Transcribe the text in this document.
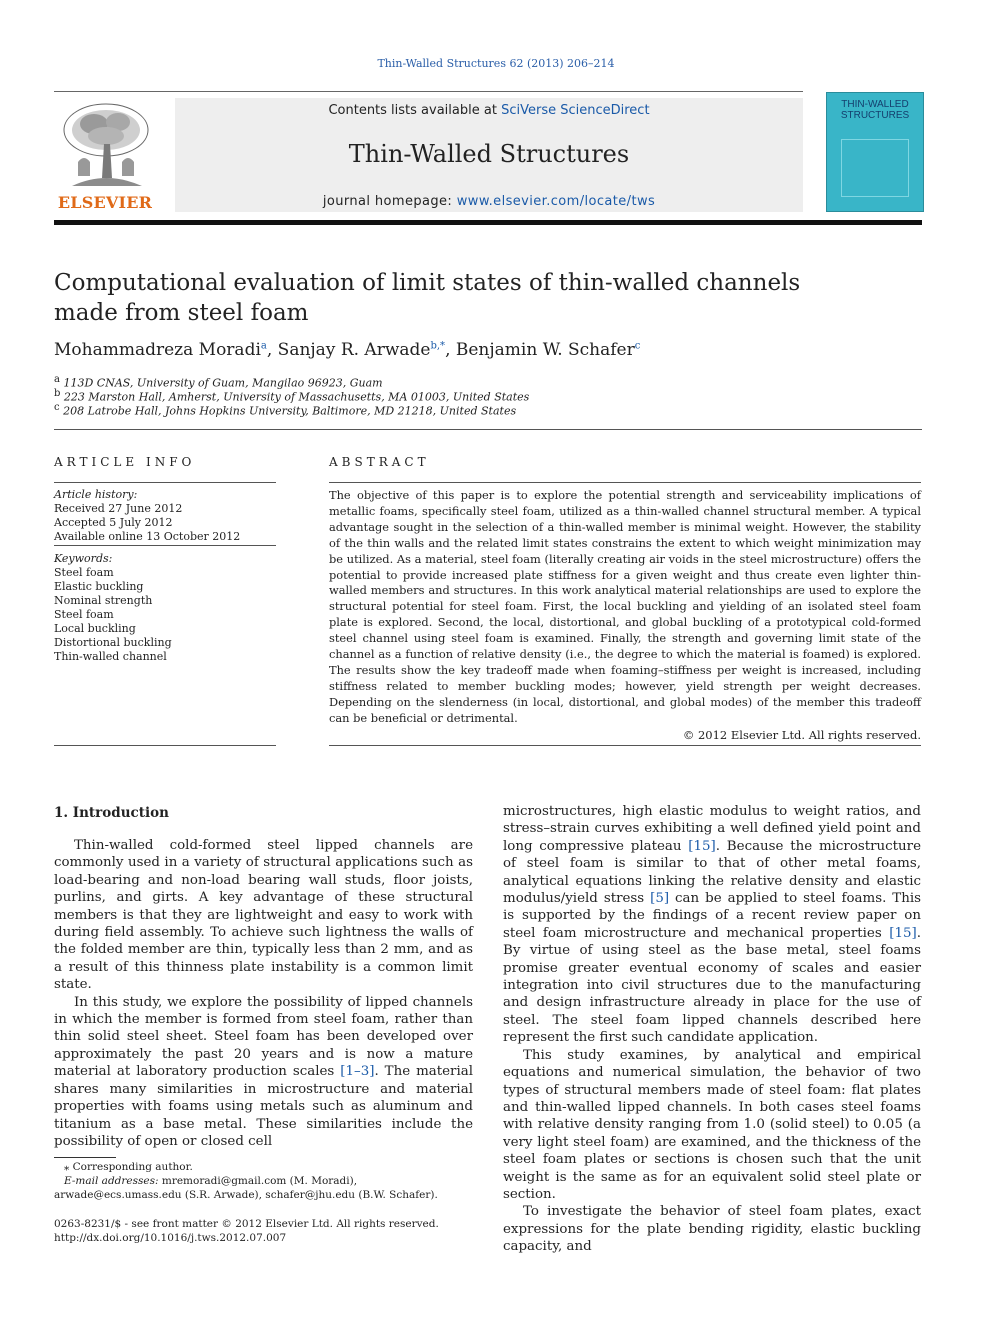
Thin-Walled Structures 62 (2013) 206–214
ELSEVIER
Contents lists available at SciVerse ScienceDirect
Thin-Walled Structures
journal homepage: www.elsevier.com/locate/tws
THIN-WALLED STRUCTURES
Computational evaluation of limit states of thin-walled channels made from steel foam
Mohammadreza Moradi$^a$, Sanjay R. Arwade$^{b,*}$, Benjamin W. Schafer$^c$
$^a$ 113D CNAS, University of Guam, Mangilao 96923, Guam
$^b$ 223 Marston Hall, Amherst, University of Massachusetts, MA 01003, United States
$^c$ 208 Latrobe Hall, Johns Hopkins University, Baltimore, MD 21218, United States
ARTICLE INFO
Article history:
Received 27 June 2012
Accepted 5 July 2012
Available online 13 October 2012
Keywords:
Steel foam
Elastic buckling
Nominal strength
Steel foam
Local buckling
Distortional buckling
Thin-walled channel
ABSTRACT
The objective of this paper is to explore the potential strength and serviceability implications of metallic foams, specifically steel foam, utilized as a thin-walled channel structural member. A typical advantage sought in the selection of a thin-walled member is minimal weight. However, the stability of the thin walls and the related limit states constrains the extent to which weight minimization may be utilized. As a material, steel foam (literally creating air voids in the steel microstructure) offers the potential to provide increased plate stiffness for a given weight and thus create even lighter thin-walled members and structures. In this work analytical material relationships are used to explore the structural potential for steel foam. First, the local buckling and yielding of an isolated steel foam plate is explored. Second, the local, distortional, and global buckling of a prototypical cold-formed steel channel using steel foam is examined. Finally, the strength and governing limit state of the channel as a function of relative density (i.e., the degree to which the material is foamed) is explored. The results show the key tradeoff made when foaming–stiffness per weight is increased, including stiffness related to member buckling modes; however, yield strength per weight decreases. Depending on the slenderness (in local, distortional, and global modes) of the member this tradeoff can be beneficial or detrimental.
© 2012 Elsevier Ltd. All rights reserved.
1. Introduction

Thin-walled cold-formed steel lipped channels are commonly used in a variety of structural applications such as load-bearing and non-load bearing wall studs, floor joists, purlins, and girts. A key advantage of these structural members is that they are lightweight and easy to work with during field assembly. To achieve such lightness the walls of the folded member are thin, typically less than 2 mm, and as a result of this thinness plate instability is a common limit state.

In this study, we explore the possibility of lipped channels in which the member is formed from steel foam, rather than thin solid steel sheet. Steel foam has been developed over approximately the past 20 years and is now a mature material at laboratory production scales [1–3]. The material shares many similarities in microstructure and material properties with foams using metals such as aluminum and titanium as a base metal. These similarities include the possibility of open or closed cell

microstructures, high elastic modulus to weight ratios, and stress–strain curves exhibiting a well defined yield point and long compressive plateau [15]. Because the microstructure of steel foam is similar to that of other metal foams, analytical equations linking the relative density and elastic modulus/yield stress [5] can be applied to steel foams. This is supported by the findings of a recent review paper on steel foam microstructure and mechanical properties [15]. By virtue of using steel as the base metal, steel foams promise greater eventual economy of scales and easier integration into civil structures due to the manufacturing and design infrastructure already in place for the use of steel. The steel foam lipped channels described here represent the first such candidate application.

This study examines, by analytical and empirical equations and numerical simulation, the behavior of two types of structural members made of steel foam: flat plates and thin-walled lipped channels. In both cases steel foams with relative density ranging from 1.0 (solid steel) to 0.05 (a very light steel foam) are examined, and the thickness of the steel foam plates or sections is chosen such that the unit weight is the same as for an equivalent solid steel plate or section.

To investigate the behavior of steel foam plates, exact expressions for the plate bending rigidity, elastic buckling capacity, and

⁎ Corresponding author.
E-mail addresses: mremoradi@gmail.com (M. Moradi),
arwade@ecs.umass.edu (S.R. Arwade), schafer@jhu.edu (B.W. Schafer).
0263-8231/$ - see front matter © 2012 Elsevier Ltd. All rights reserved.
http://dx.doi.org/10.1016/j.tws.2012.07.007
